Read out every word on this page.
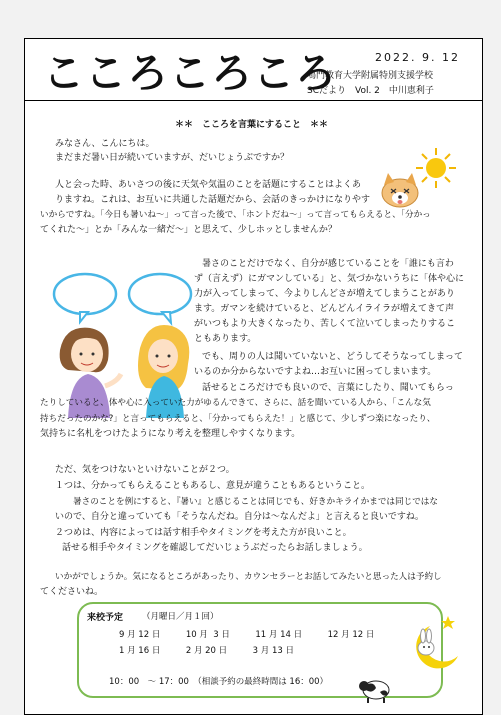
こころころころ	2022. 9. 12
鳴門教育大学附属特別支援学校
SCだより　Vol. 2　中川恵利子
＊＊　こころを言葉にすること　＊＊
みなさん、こんにちは。
まだまだ暑い日が続いていますが、だいじょうぶですか？
人と会った時、あいさつの後に天気や気温のことを話題にすることはよくあ
りますね。これは、お互いに共通した話題だから、会話のきっかけになりやす
いからですね。「今日も暑いね〜」って言った後で、「ホントだね〜」って言ってもらえると、「分かっ
てくれた〜」とか「みんな一緒だ〜」と思えて、少しホッとしませんか？
暑さのことだけでなく、自分が感じていることを「誰にも言わ
ず（言えず）にガマンしている」と、気づかないうちに「体や心に
力が入ってしまって、今よりしんどさが増えてしまうことがあり
ます。ガマンを続けていると、どんどんイライラが増えてきて声
がいつもより大きくなったり、苦しくて泣いてしまったりするこ
ともあります。
でも、周りの人は聞いていないと、どうしてそうなってしまって
いるのか分からないですよね…お互いに困ってしまいます。
話せるところだけでも良いので、言葉にしたり、聞いてもらっ
たりしていると、体や心に入っていた力がゆるんできて、さらに、話を聞いている人から、「こんな気
持ちだったのかな?」と言ってもらえると、「分かってもらえた！」と感じて、少しずつ楽になったり、
気持ちに名札をつけたようになり考えを整理しやすくなります。
ただ、気をつけないといけないことが２つ。
１つは、分かってもらえることもあるし、意見が違うこともあるということ。
暑さのことを例にすると、『暑い』と感じることは同じでも、好きかキライかまでは同じではな
いので、自分と違っていても「そうなんだね。自分は〜なんだよ」と言えると良いですね。
２つめは、内容によっては話す相手やタイミングを考えた方が良いこと。
話せる相手やタイミングを確認してだいじょうぶだったらお話しましょう。
いかがでしょうか。気になるところがあったり、カウンセラーとお話してみたいと思った人は予約し
てくださいね。
来校予定 （月曜日／月１回）
9 月 12 日　　　10 月  3 日　　　11 月 14 日　　　12 月 12 日
1 月 16 日　　　2 月 20 日　　　3 月 13 日
10：00　～ 17：00　（相談予約の最終時間は 16：00）
